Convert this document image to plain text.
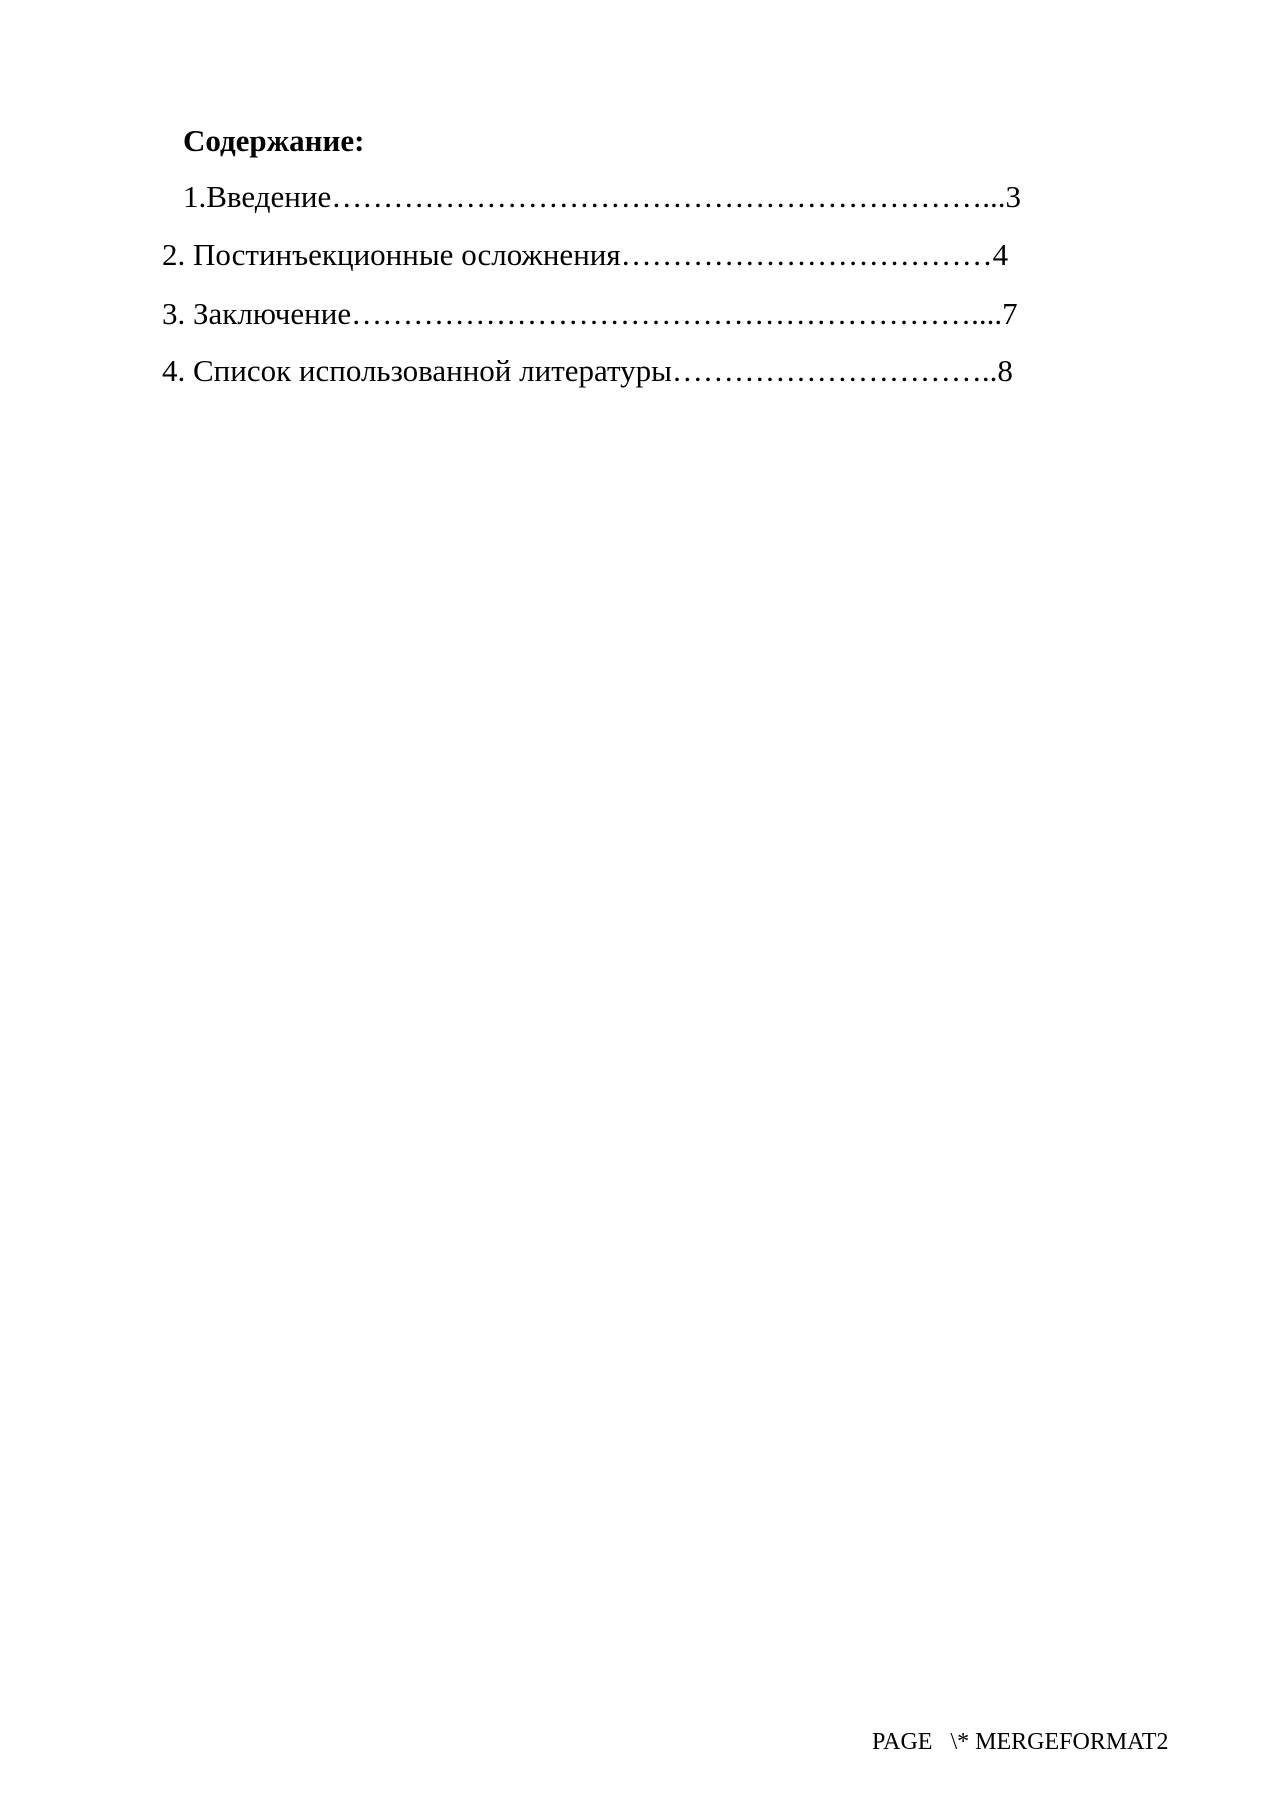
Содержание:
1.Введение………………………………………………………...3
2. Постинъекционные осложнения………………………………4
3. Заключение……………………………………………………....7
4. Список использованной литературы…………………………..8
PAGE   \* MERGEFORMAT2
